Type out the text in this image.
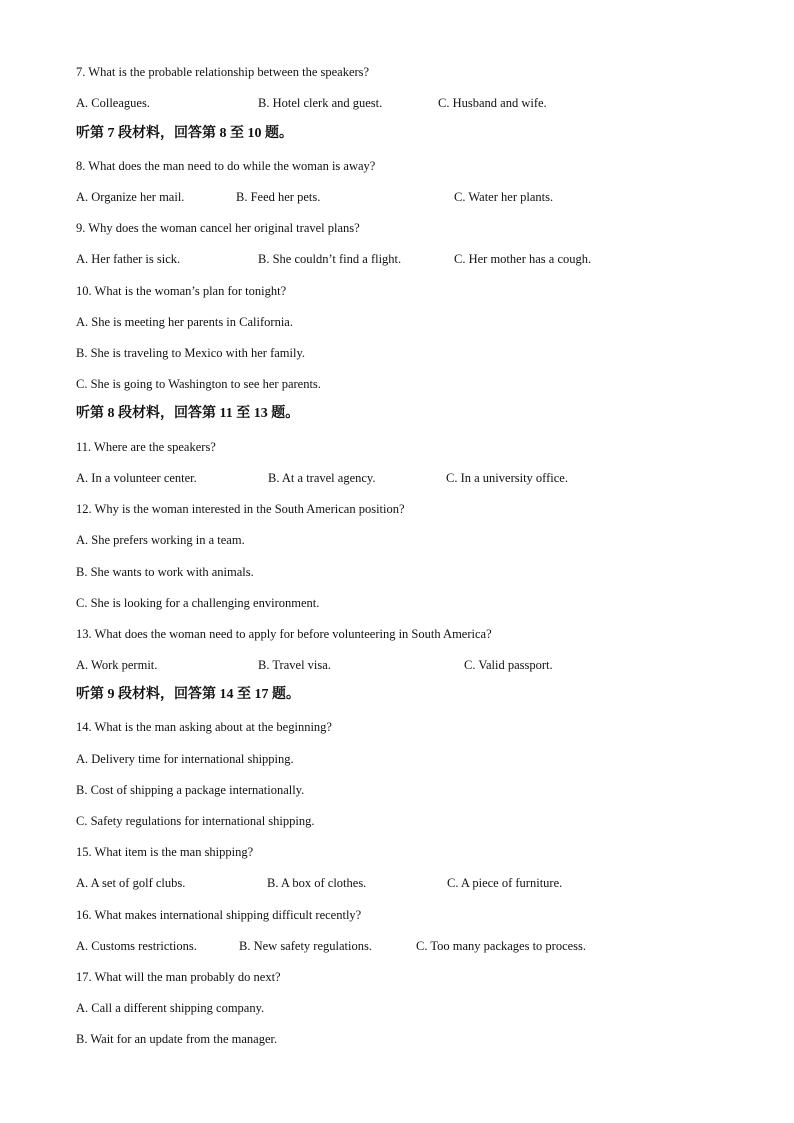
7. What is the probable relationship between the speakers?
A. Colleagues.	B. Hotel clerk and guest.	C. Husband and wife.
听第 7 段材料，回答第 8 至 10 题。
8. What does the man need to do while the woman is away?
A. Organize her mail.	B. Feed her pets.	C. Water her plants.
9. Why does the woman cancel her original travel plans?
A. Her father is sick.	B. She couldn’t find a flight.	C. Her mother has a cough.
10. What is the woman’s plan for tonight?
A. She is meeting her parents in California.
B. She is traveling to Mexico with her family.
C. She is going to Washington to see her parents.
听第 8 段材料，回答第 11 至 13 题。
11. Where are the speakers?
A. In a volunteer center.	B. At a travel agency.	C. In a university office.
12. Why is the woman interested in the South American position?
A. She prefers working in a team.
B. She wants to work with animals.
C. She is looking for a challenging environment.
13. What does the woman need to apply for before volunteering in South America?
A. Work permit.	B. Travel visa.	C. Valid passport.
听第 9 段材料，回答第 14 至 17 题。
14. What is the man asking about at the beginning?
A. Delivery time for international shipping.
B. Cost of shipping a package internationally.
C. Safety regulations for international shipping.
15. What item is the man shipping?
A. A set of golf clubs.	B. A box of clothes.	C. A piece of furniture.
16. What makes international shipping difficult recently?
A. Customs restrictions.	B. New safety regulations.	C. Too many packages to process.
17. What will the man probably do next?
A. Call a different shipping company.
B. Wait for an update from the manager.
